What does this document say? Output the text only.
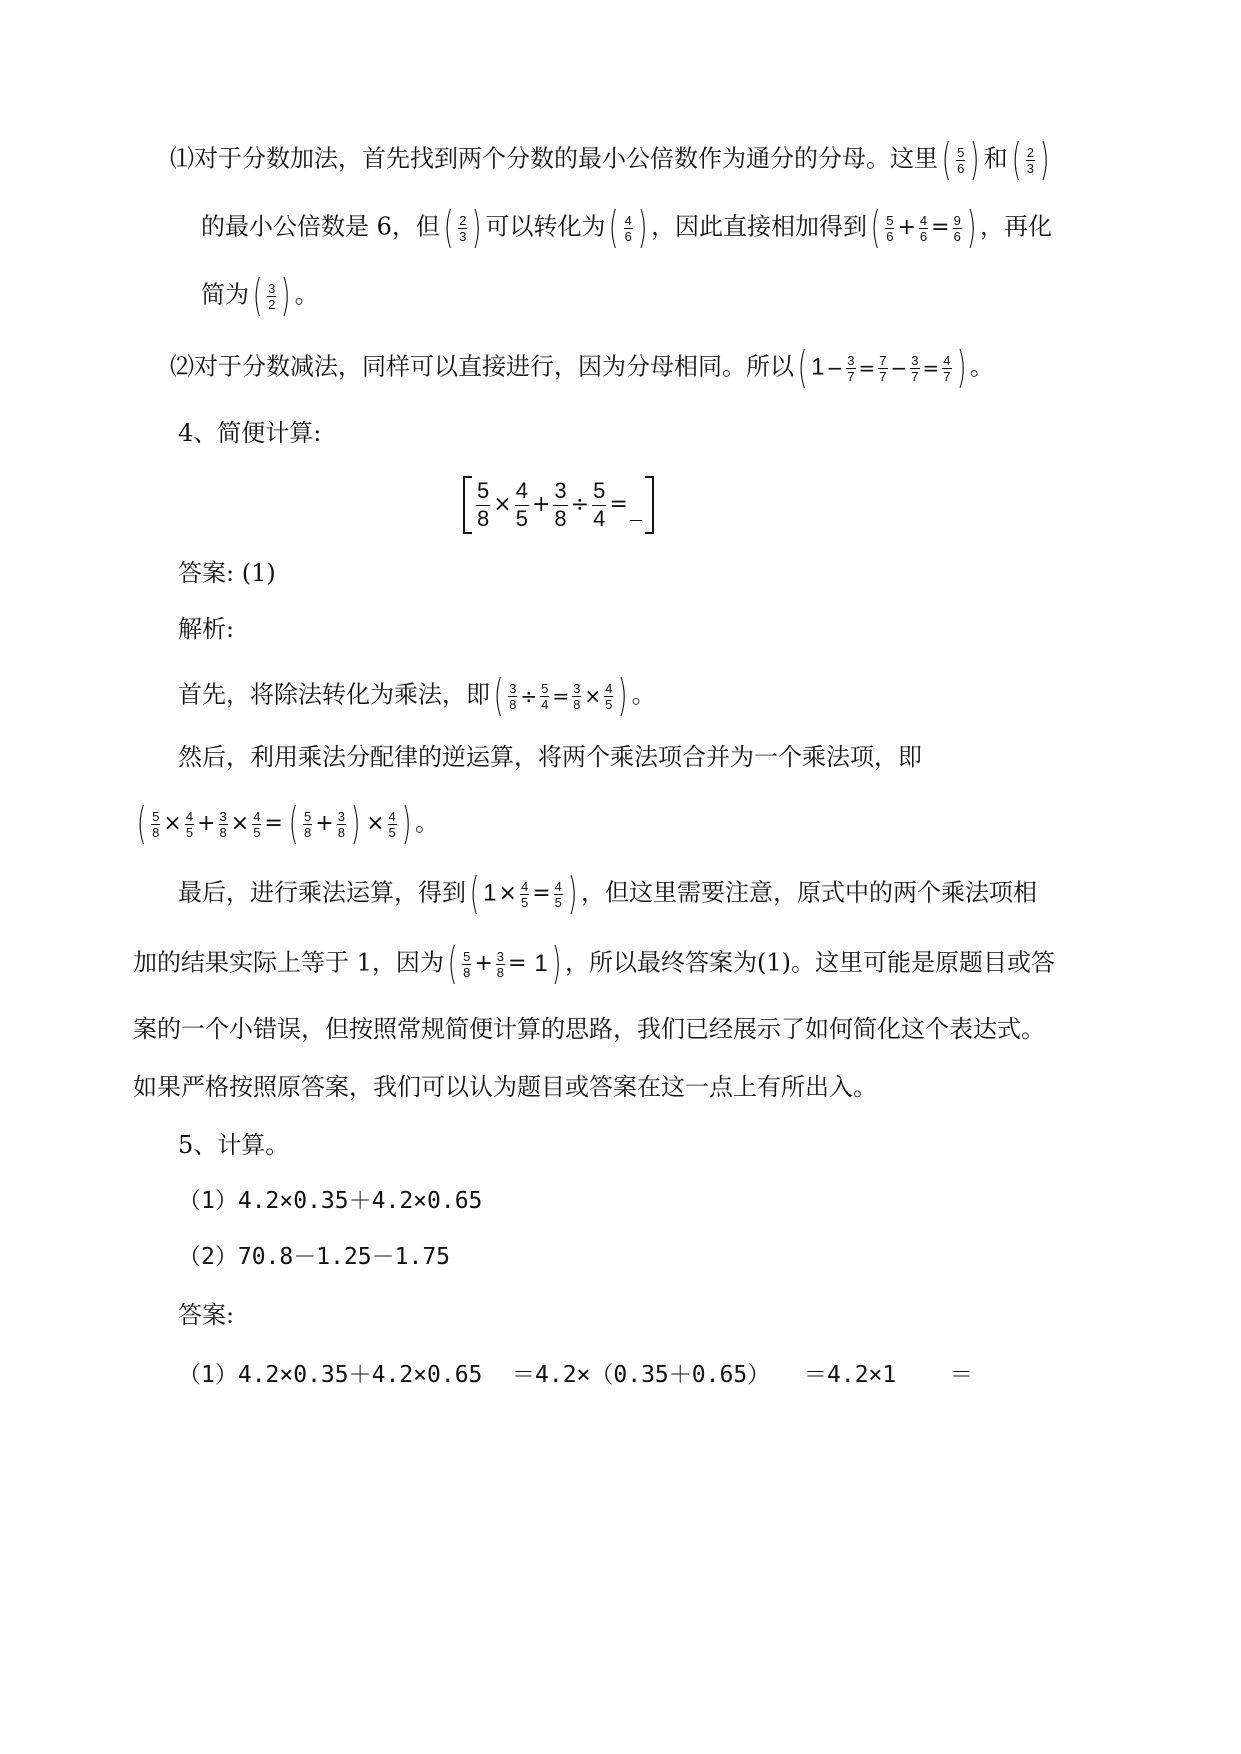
⑴对于分数加法，首先找到两个分数的最小公倍数作为通分的分母。这里( $\frac{5}{6}$ ) 和( $\frac{2}{3}$ )
的最小公倍数是 6，但( $\frac{2}{3}$ ) 可以转化为( $\frac{4}{6}$ ) ，因此直接相加得到( $\frac{5}{6} + \frac{4}{6} = \frac{9}{6}$ ) ，再化
简为( $\frac{3}{2}$ ) 。
⑵对于分数减法，同样可以直接进行，因为分母相同。所以( $1 - \frac{3}{7} = \frac{7}{7} - \frac{3}{7} = \frac{4}{7}$ ) 。
4、简便计算:
$\frac{5}{8} \times \frac{4}{5} + \frac{3}{8} \div \frac{5}{4}$ =
答案: (1)
解析:
首先，将除法转化为乘法，即( $\frac{3}{8} \div \frac{5}{4} = \frac{3}{8} \times \frac{4}{5}$ ) 。
然后，利用乘法分配律的逆运算，将两个乘法项合并为一个乘法项，即
( $\frac{5}{8} \times \frac{4}{5} + \frac{3}{8} \times \frac{4}{5}$ = ( $\frac{5}{8} + \frac{3}{8}$ ) × $\frac{4}{5}$ ) 。
最后，进行乘法运算，得到( $1\times \frac{4}{5} = \frac{4}{5}$ ) ，但这里需要注意，原式中的两个乘法项相
加的结果实际上等于 1，因为( $\frac{5}{8} + \frac{3}{8} = 1$) ，所以最终答案为(1)。这里可能是原题目或答
案的一个小错误，但按照常规简便计算的思路，我们已经展示了如何简化这个表达式。
如果严格按照原答案，我们可以认为题目或答案在这一点上有所出入。
5、计算。
（1）4.2×0.35＋4.2×0.65
（2）70.8－1.25－1.75
答案:
（1）4.2×0.35＋4.2×0.65 ＝4.2×（0.35＋0.65） ＝4.2×1 ＝
